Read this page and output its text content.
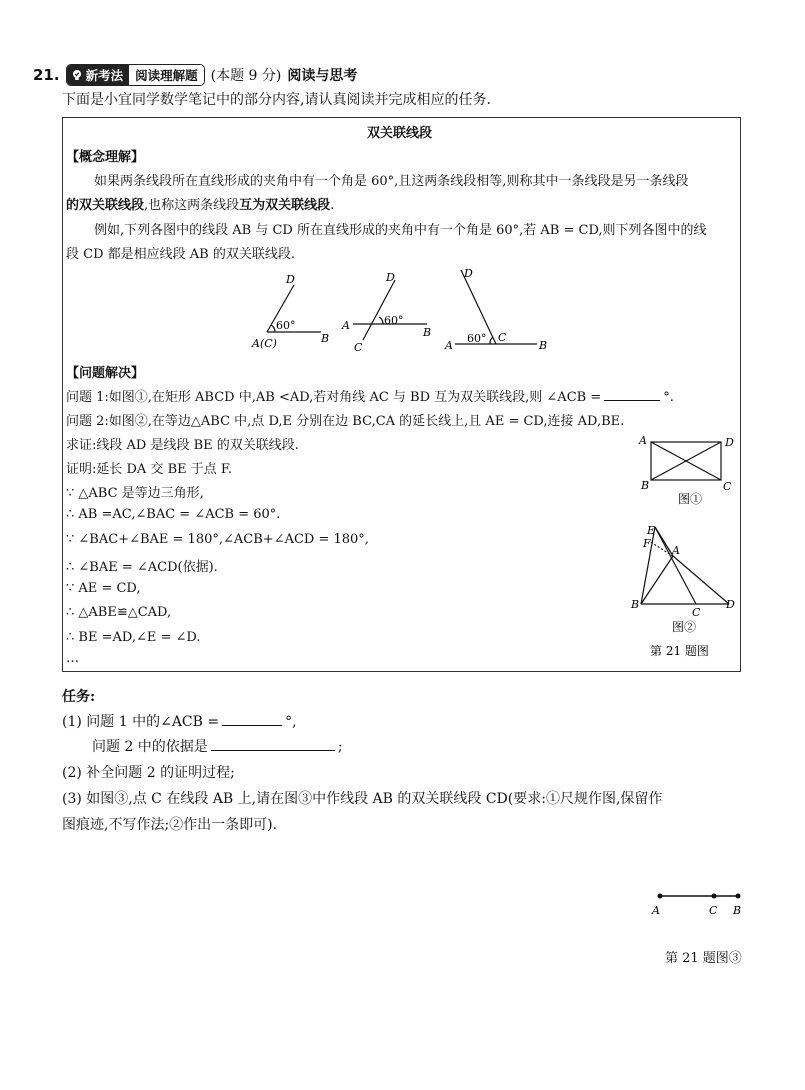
21. 新考法 阅读理解题 (本题 9 分) 阅读与思考
下面是小宜同学数学笔记中的部分内容,请认真阅读并完成相应的任务.
双关联线段
【概念理解】
如果两条线段所在直线形成的夹角中有一个角是 60°,且这两条线段相等,则称其中一条线段是另一条线段
的双关联线段,也称这两条线段互为双关联线段.
例如,下列各图中的线段 AB 与 CD 所在直线形成的夹角中有一个角是 60°,若 AB = CD,则下列各图中的线
段 CD 都是相应线段 AB 的双关联线段.
60°
D
A(C)	B
60°
D
A
B
C
60°
D
C
A	B
【问题解决】
问题 1:如图①,在矩形 ABCD 中,AB <AD,若对角线 AC 与 BD 互为双关联线段,则 ∠ACB =	°.
问题 2:如图②,在等边△ABC 中,点 D,E 分别在边 BC,CA 的延长线上,且 AE = CD,连接 AD,BE.
求证:线段 AD 是线段 BE 的双关联线段.
证明:延长 DA 交 BE 于点 F.
∵ △ABC 是等边三角形,
∴ AB =AC,∠BAC = ∠ACB = 60°.
∵ ∠BAC+∠BAE = 180°,∠ACB+∠ACD = 180°,
∴ ∠BAE = ∠ACD(依据).
∵ AE = CD,
∴ △ABE≌△CAD,
∴ BE =AD,∠E = ∠D.
…
A	D
B	C
图①
E
F
A
B
C
D
图②
第 21 题图
任务:
(1) 问题 1 中的∠ACB =	°,
问题 2 中的依据是	;
(2) 补全问题 2 的证明过程;
(3) 如图③,点 C 在线段 AB 上,请在图③中作线段 AB 的双关联线段 CD(要求:①尺规作图,保留作
图痕迹,不写作法;②作出一条即可).
A	C B
第 21 题图③
